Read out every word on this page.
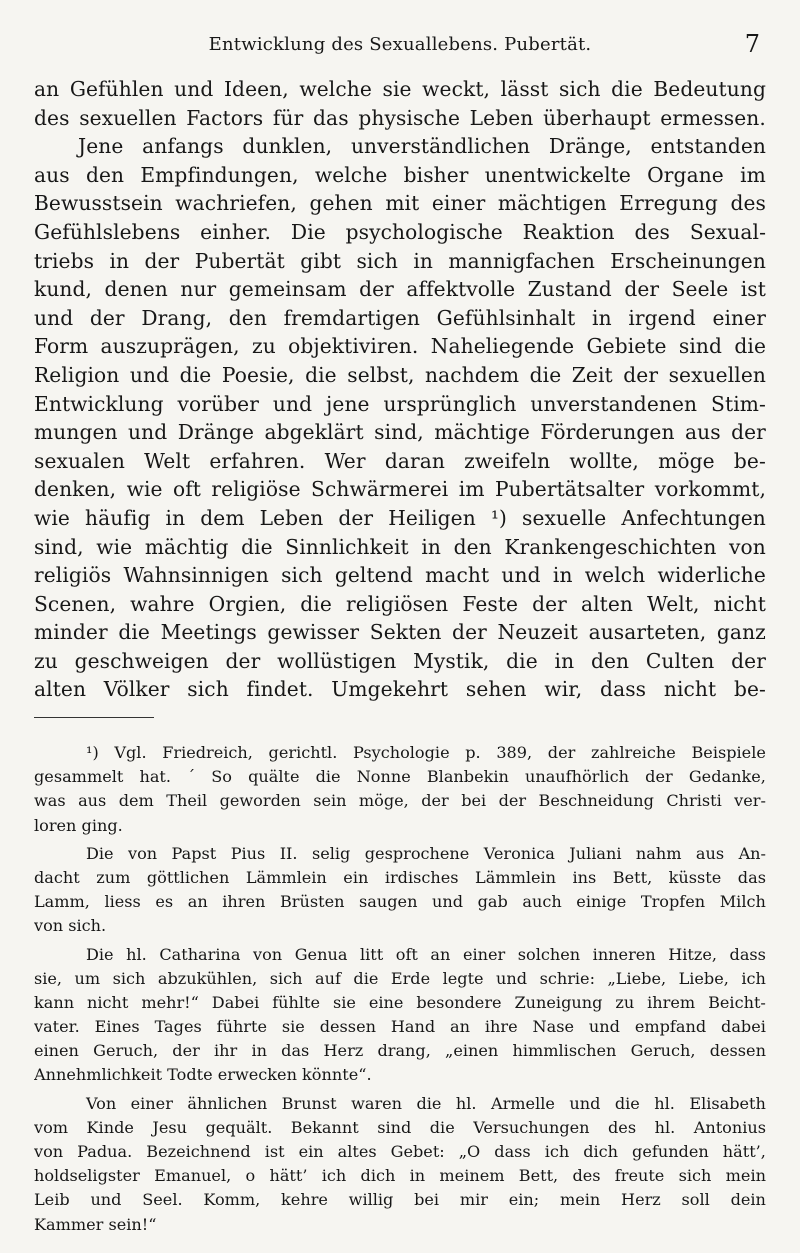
Entwicklung des Sexuallebens. Pubertät.	7
an Gefühlen und Ideen, welche sie weckt, lässt sich die Bedeutung
des sexuellen Factors für das physische Leben überhaupt ermessen.
Jene anfangs dunklen, unverständlichen Dränge, entstanden
aus den Empfindungen, welche bisher unentwickelte Organe im
Bewusstsein wachriefen, gehen mit einer mächtigen Erregung des
Gefühlslebens einher. Die psychologische Reaktion des Sexual-
triebs in der Pubertät gibt sich in mannigfachen Erscheinungen
kund, denen nur gemeinsam der affektvolle Zustand der Seele ist
und der Drang, den fremdartigen Gefühlsinhalt in irgend einer
Form auszuprägen, zu objektiviren. Naheliegende Gebiete sind die
Religion und die Poesie, die selbst, nachdem die Zeit der sexuellen
Entwicklung vorüber und jene ursprünglich unverstandenen Stim-
mungen und Dränge abgeklärt sind, mächtige Förderungen aus der
sexualen Welt erfahren. Wer daran zweifeln wollte, möge be-
denken, wie oft religiöse Schwärmerei im Pubertätsalter vorkommt,
wie häufig in dem Leben der Heiligen ¹) sexuelle Anfechtungen
sind, wie mächtig die Sinnlichkeit in den Krankengeschichten von
religiös Wahnsinnigen sich geltend macht und in welch widerliche
Scenen, wahre Orgien, die religiösen Feste der alten Welt, nicht
minder die Meetings gewisser Sekten der Neuzeit ausarteten, ganz
zu geschweigen der wollüstigen Mystik, die in den Culten der
alten Völker sich findet. Umgekehrt sehen wir, dass nicht be-
¹) Vgl. Friedreich, gerichtl. Psychologie p. 389, der zahlreiche Beispiele
gesammelt hat. ´ So quälte die Nonne Blanbekin unaufhörlich der Gedanke,
was aus dem Theil geworden sein möge, der bei der Beschneidung Christi ver-
loren ging.
Die von Papst Pius II. selig gesprochene Veronica Juliani nahm aus An-
dacht zum göttlichen Lämmlein ein irdisches Lämmlein ins Bett, küsste das
Lamm, liess es an ihren Brüsten saugen und gab auch einige Tropfen Milch
von sich.
Die hl. Catharina von Genua litt oft an einer solchen inneren Hitze, dass
sie, um sich abzukühlen, sich auf die Erde legte und schrie: „Liebe, Liebe, ich
kann nicht mehr!“ Dabei fühlte sie eine besondere Zuneigung zu ihrem Beicht-
vater. Eines Tages führte sie dessen Hand an ihre Nase und empfand dabei
einen Geruch, der ihr in das Herz drang, „einen himmlischen Geruch, dessen
Annehmlichkeit Todte erwecken könnte“.
Von einer ähnlichen Brunst waren die hl. Armelle und die hl. Elisabeth
vom Kinde Jesu gequält. Bekannt sind die Versuchungen des hl. Antonius
von Padua. Bezeichnend ist ein altes Gebet: „O dass ich dich gefunden hätt’,
holdseligster Emanuel, o hätt’ ich dich in meinem Bett, des freute sich mein
Leib und Seel. Komm, kehre willig bei mir ein; mein Herz soll dein
Kammer sein!“
